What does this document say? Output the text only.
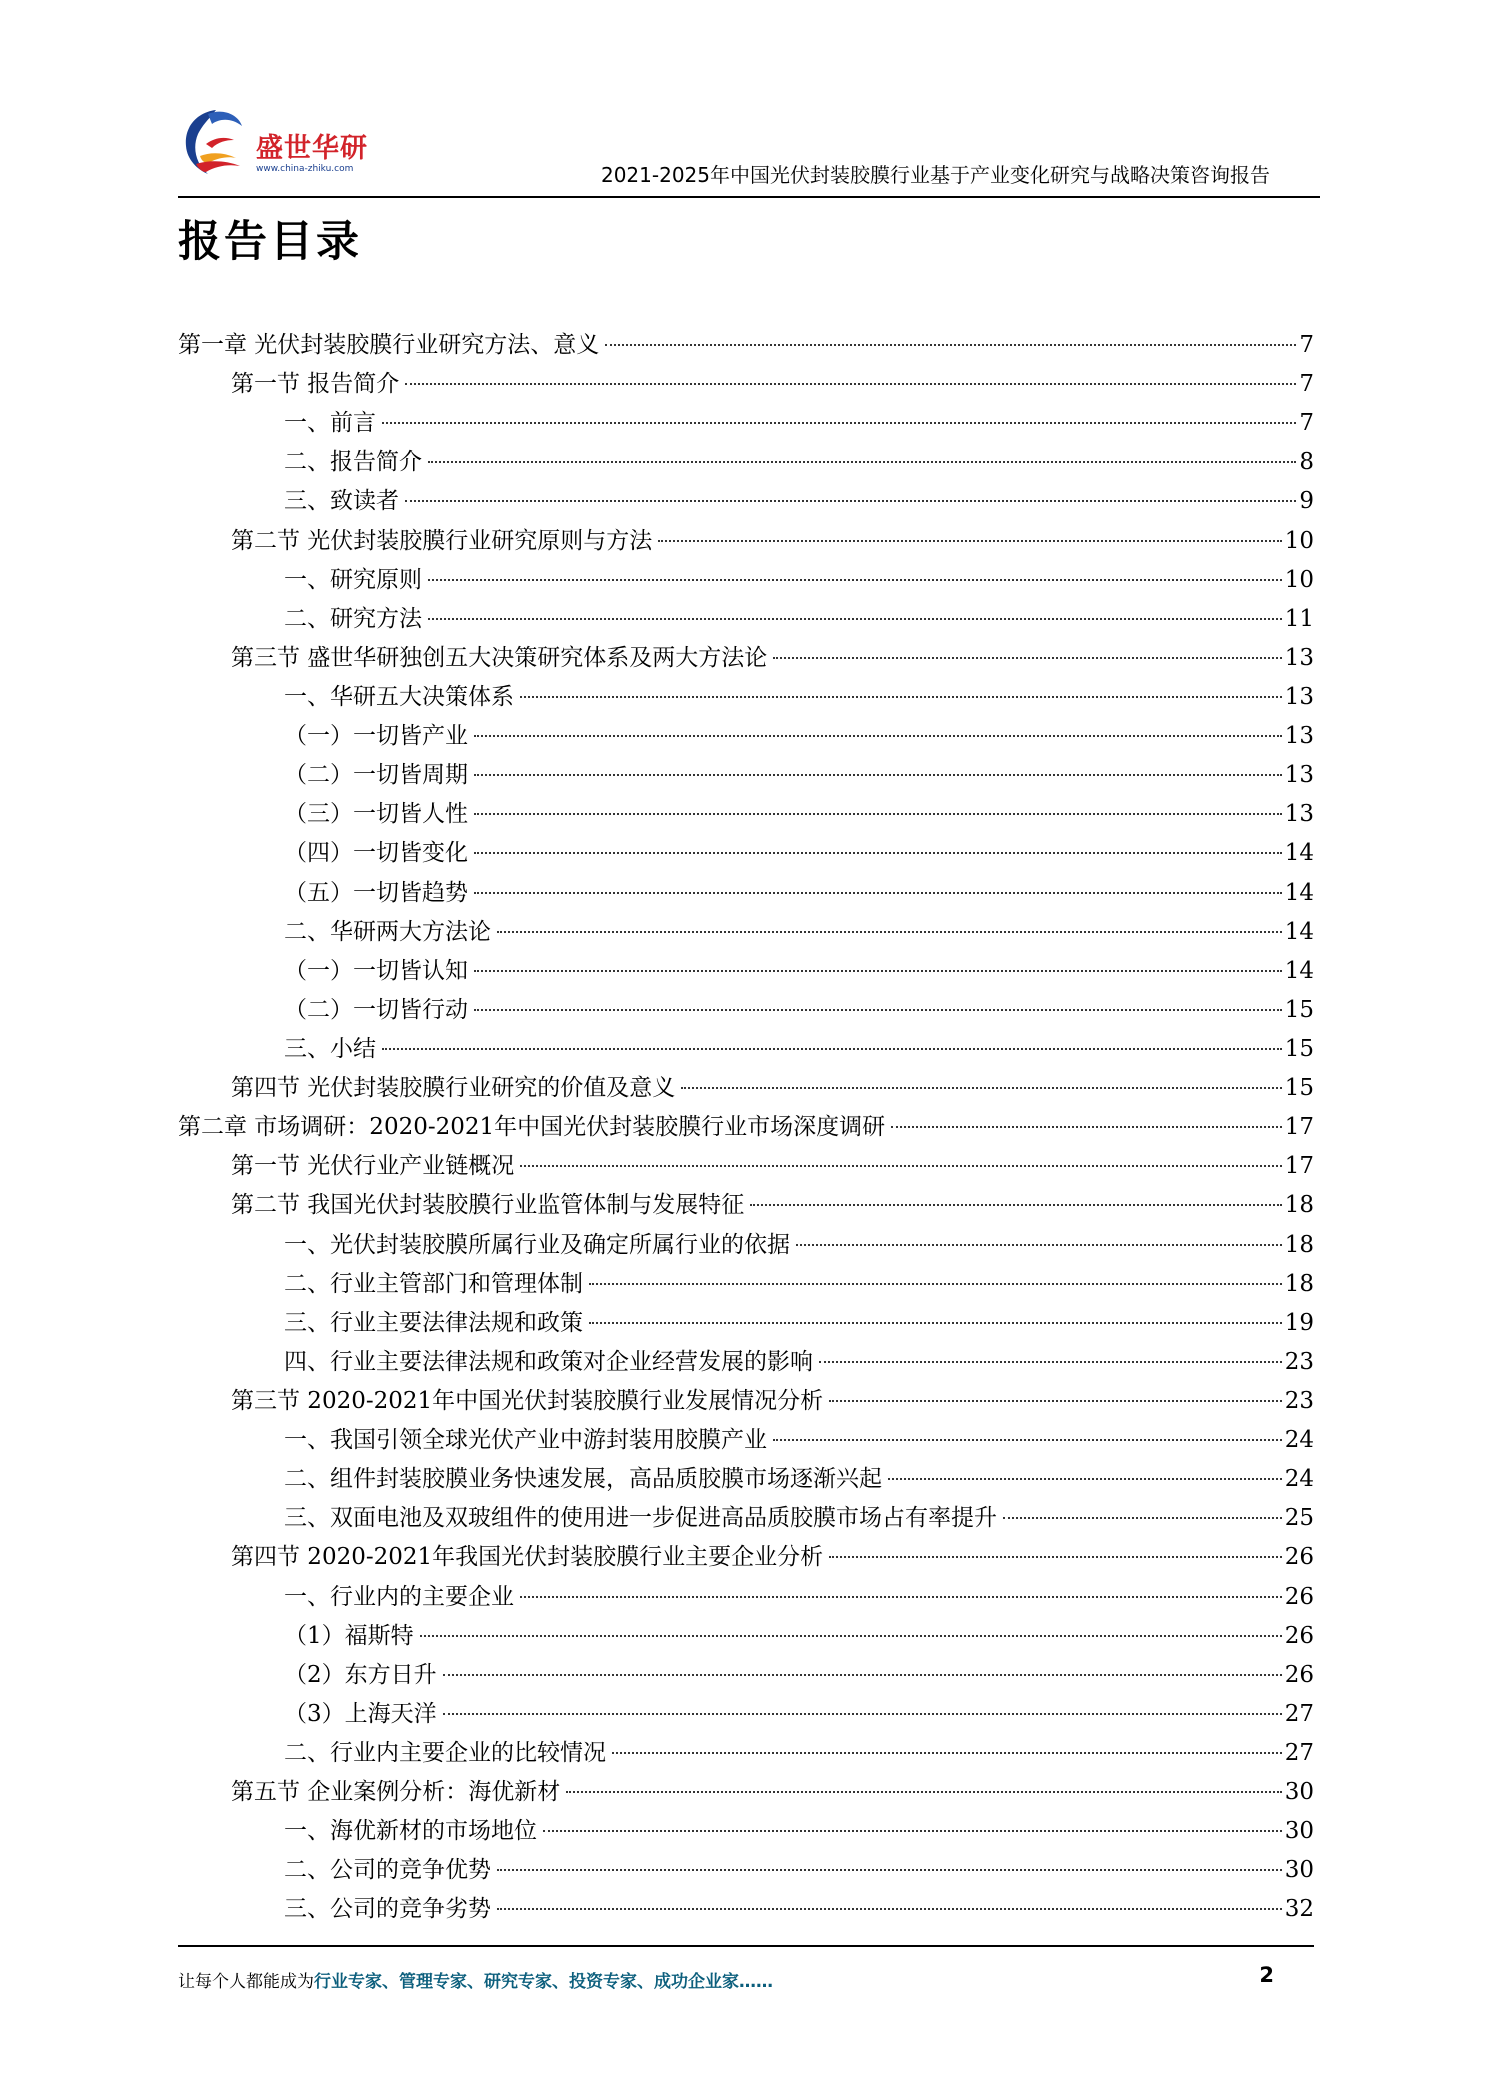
盛世华研
www.china-zhiku.com	2021-2025年中国光伏封装胶膜行业基于产业变化研究与战略决策咨询报告
报告目录
第一章 光伏封装胶膜行业研究方法、意义	7
第一节 报告简介	7
一、前言	7
二、报告简介	8
三、致读者	9
第二节 光伏封装胶膜行业研究原则与方法	10
一、研究原则	10
二、研究方法	11
第三节 盛世华研独创五大决策研究体系及两大方法论	13
一、华研五大决策体系	13
（一）一切皆产业	13
（二）一切皆周期	13
（三）一切皆人性	13
（四）一切皆变化	14
（五）一切皆趋势	14
二、华研两大方法论	14
（一）一切皆认知	14
（二）一切皆行动	15
三、小结	15
第四节 光伏封装胶膜行业研究的价值及意义	15
第二章 市场调研：2020-2021年中国光伏封装胶膜行业市场深度调研	17
第一节 光伏行业产业链概况	17
第二节 我国光伏封装胶膜行业监管体制与发展特征	18
一、光伏封装胶膜所属行业及确定所属行业的依据	18
二、行业主管部门和管理体制	18
三、行业主要法律法规和政策	19
四、行业主要法律法规和政策对企业经营发展的影响	23
第三节 2020-2021年中国光伏封装胶膜行业发展情况分析	23
一、我国引领全球光伏产业中游封装用胶膜产业	24
二、组件封装胶膜业务快速发展，高品质胶膜市场逐渐兴起	24
三、双面电池及双玻组件的使用进一步促进高品质胶膜市场占有率提升	25
第四节 2020-2021年我国光伏封装胶膜行业主要企业分析	26
一、行业内的主要企业	26
（1）福斯特	26
（2）东方日升	26
（3）上海天洋	27
二、行业内主要企业的比较情况	27
第五节 企业案例分析：海优新材	30
一、海优新材的市场地位	30
二、公司的竞争优势	30
三、公司的竞争劣势	32
让每个人都能成为行业专家、管理专家、研究专家、投资专家、成功企业家……	2
